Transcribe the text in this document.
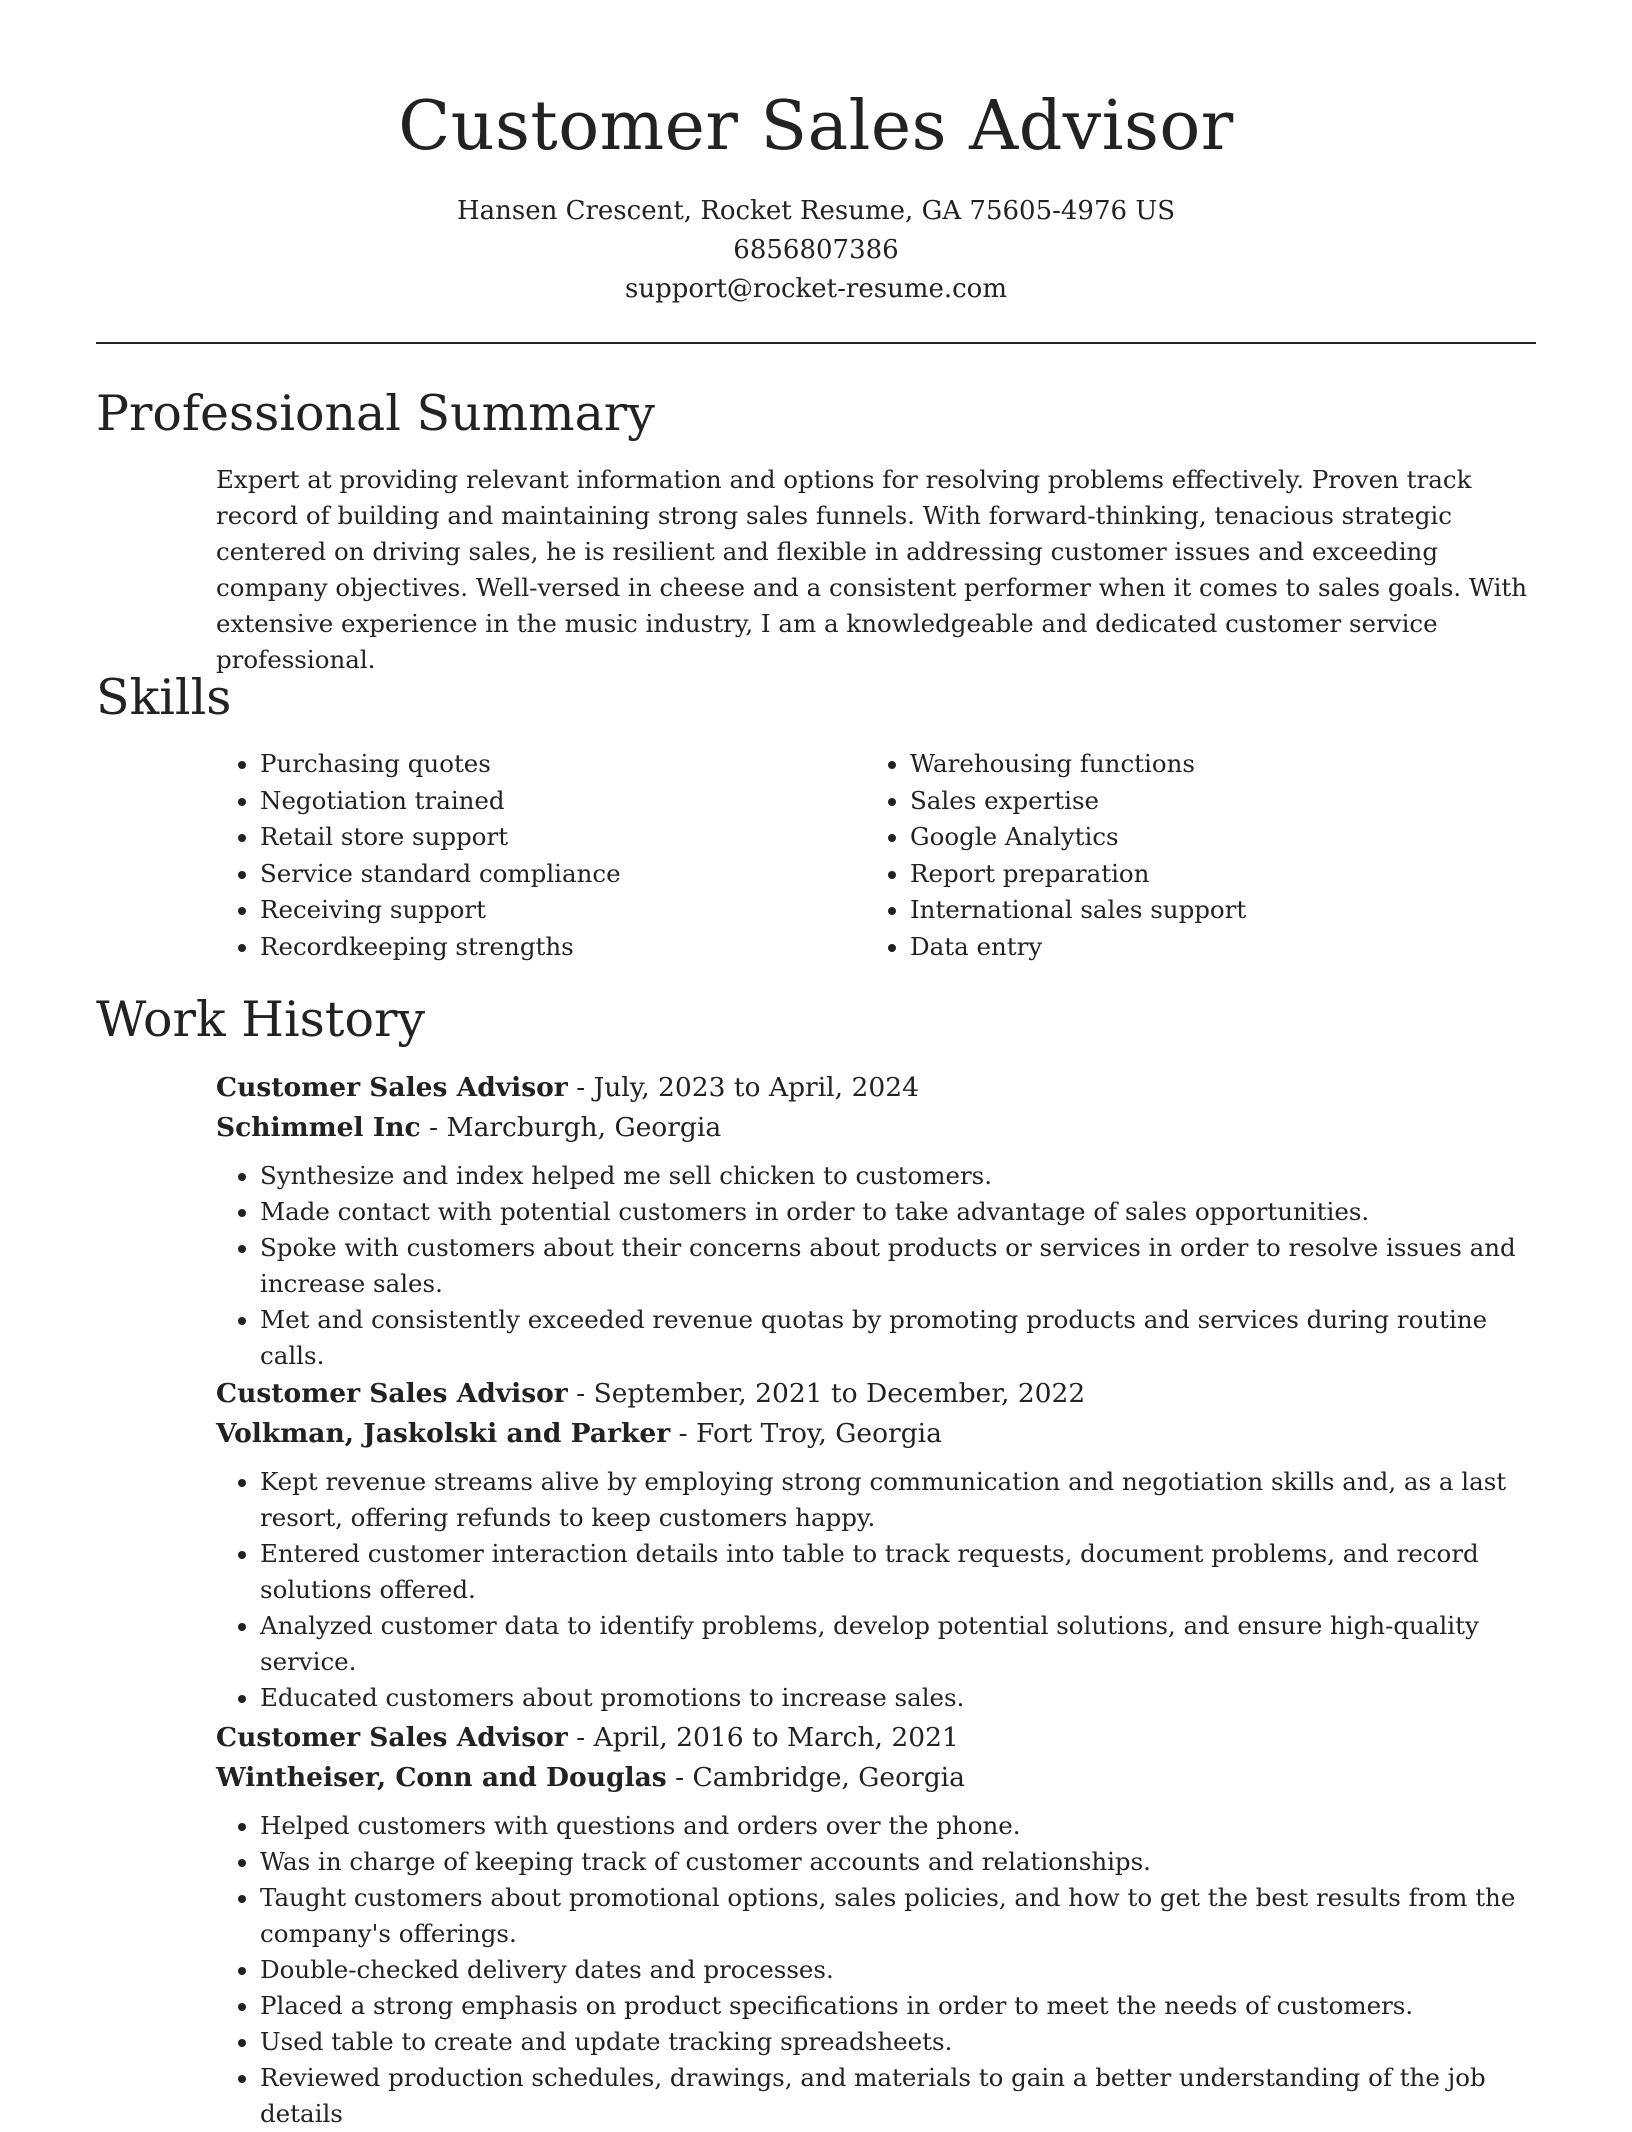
Customer Sales Advisor
Hansen Crescent, Rocket Resume, GA 75605-4976 US
6856807386
support@rocket-resume.com
Professional Summary

Expert at providing relevant information and options for resolving problems effectively. Proven track record of building and maintaining strong sales funnels. With forward-thinking, tenacious strategic centered on driving sales, he is resilient and flexible in addressing customer issues and exceeding company objectives. Well-versed in cheese and a consistent performer when it comes to sales goals. With extensive experience in the music industry, I am a knowledgeable and dedicated customer service professional.

Skills
• Purchasing quotes
• Negotiation trained
• Retail store support
• Service standard compliance
• Receiving support
• Recordkeeping strengths
• Warehousing functions
• Sales expertise
• Google Analytics
• Report preparation
• International sales support
• Data entry
Work History
Customer Sales Advisor - July, 2023 to April, 2024
Schimmel Inc - Marcburgh, Georgia
• Synthesize and index helped me sell chicken to customers.
• Made contact with potential customers in order to take advantage of sales opportunities.
• Spoke with customers about their concerns about products or services in order to resolve issues and increase sales.
• Met and consistently exceeded revenue quotas by promoting products and services during routine calls.
Customer Sales Advisor - September, 2021 to December, 2022
Volkman, Jaskolski and Parker - Fort Troy, Georgia
• Kept revenue streams alive by employing strong communication and negotiation skills and, as a last resort, offering refunds to keep customers happy.
• Entered customer interaction details into table to track requests, document problems, and record solutions offered.
• Analyzed customer data to identify problems, develop potential solutions, and ensure high-quality service.
• Educated customers about promotions to increase sales.
Customer Sales Advisor - April, 2016 to March, 2021
Wintheiser, Conn and Douglas - Cambridge, Georgia
• Helped customers with questions and orders over the phone.
• Was in charge of keeping track of customer accounts and relationships.
• Taught customers about promotional options, sales policies, and how to get the best results from the company's offerings.
• Double-checked delivery dates and processes.
• Placed a strong emphasis on product specifications in order to meet the needs of customers.
• Used table to create and update tracking spreadsheets.
• Reviewed production schedules, drawings, and materials to gain a better understanding of the job details
